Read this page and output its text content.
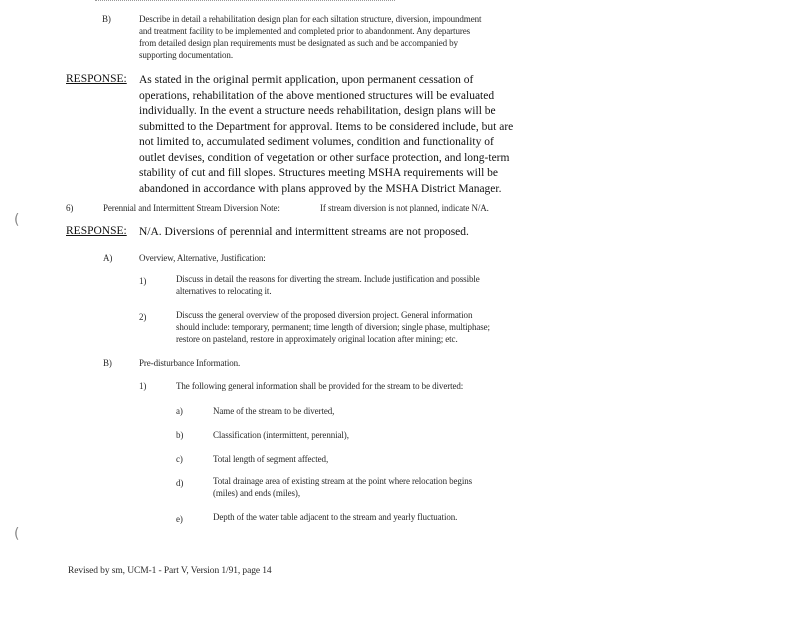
B)	Describe in detail a rehabilitation design plan for each siltation structure, diversion, impoundment
and treatment facility to be implemented and completed prior to abandonment. Any departures
from detailed design plan requirements must be designated as such and be accompanied by
supporting documentation.
RESPONSE: As stated in the original permit application, upon permanent cessation of
operations, rehabilitation of the above mentioned structures will be evaluated
individually. In the event a structure needs rehabilitation, design plans will be
submitted to the Department for approval. Items to be considered include, but are
not limited to, accumulated sediment volumes, condition and functionality of
outlet devises, condition of vegetation or other surface protection, and long-term
stability of cut and fill slopes. Structures meeting MSHA requirements will be
abandoned in accordance with plans approved by the MSHA District Manager.
6)	Perennial and Intermittent Stream Diversion Note:	If stream diversion is not planned, indicate N/A.
RESPONSE: N/A. Diversions of perennial and intermittent streams are not proposed.
A)	Overview, Alternative, Justification:
1)	Discuss in detail the reasons for diverting the stream. Include justification and possible
alternatives to relocating it.
2)	Discuss the general overview of the proposed diversion project. General information
should include: temporary, permanent; time length of diversion; single phase, multiphase;
restore on pasteland, restore in approximately original location after mining; etc.
B)	Pre-disturbance Information.
1)	The following general information shall be provided for the stream to be diverted:
a)	Name of the stream to be diverted,
b)	Classification (intermittent, perennial),
c)	Total length of segment affected,
d)	Total drainage area of existing stream at the point where relocation begins
(miles) and ends (miles),
e)	Depth of the water table adjacent to the stream and yearly fluctuation.
(
(
Revised by sm, UCM-1 - Part V, Version 1/91, page 14
